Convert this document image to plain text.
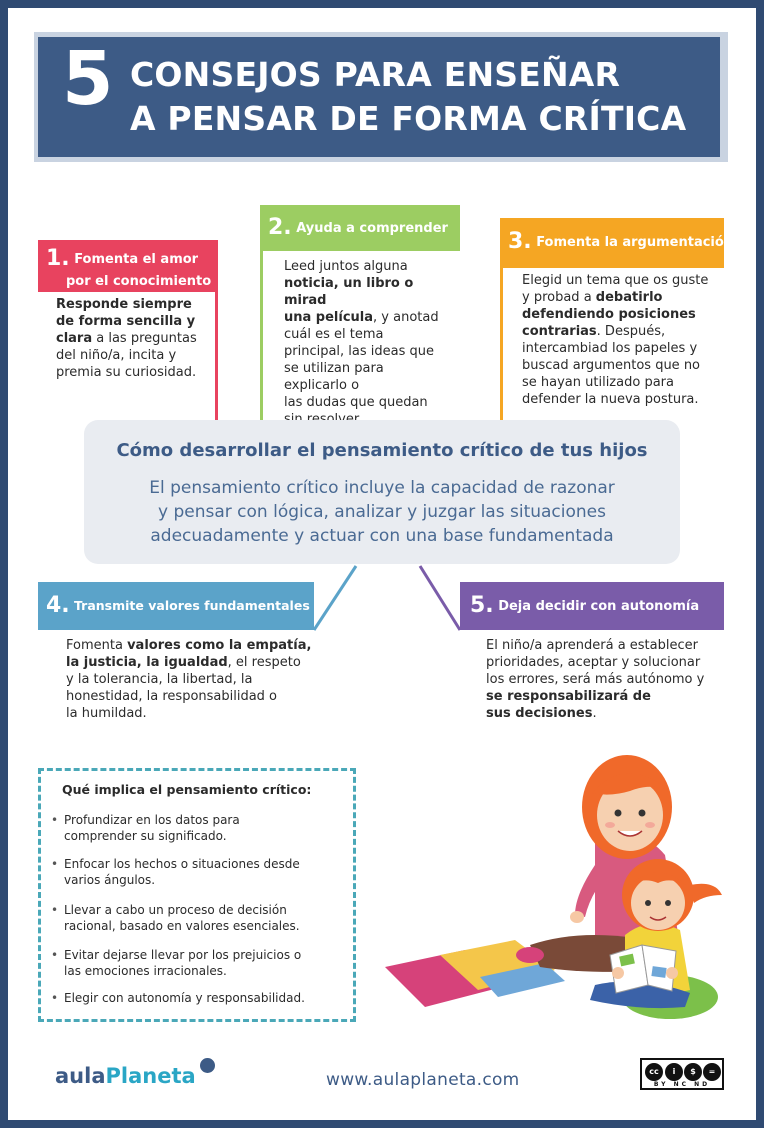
5 CONSEJOS PARA ENSEÑAR
A PENSAR DE FORMA CRÍTICA
1. Fomenta el amor
por el conocimiento
Responde siempre
de forma sencilla y
clara a las preguntas
del niño/a, incita y
premia su curiosidad.
2. Ayuda a comprender
Leed juntos alguna
noticia, un libro o mirad
una película, y anotad
cuál es el tema
principal, las ideas que
se utilizan para
explicarlo o
las dudas que quedan

3. Fomenta la argumentación
Elegid un tema que os guste
y probad a debatirlo
defendiendo posiciones
contrarias. Después,
intercambiad los papeles y
buscad argumentos que no
se hayan utilizado para
defender la nueva postura.
Cómo desarrollar el pensamiento crítico de tus hijos
El pensamiento crítico incluye la capacidad de razonar
y pensar con lógica, analizar y juzgar las situaciones
adecuadamente y actuar con una base fundamentada
4. Transmite valores fundamentales
Fomenta valores como la empatía,
la justicia, la igualdad, el respeto
y la tolerancia, la libertad, la
honestidad, la responsabilidad o
la humildad.
5. Deja decidir con autonomía
El niño/a aprenderá a establecer
prioridades, aceptar y solucionar
los errores, será más autónomo y
se responsabilizará de
sus decisiones.
Qué implica el pensamiento crítico:
• Profundizar en los datos para
comprender su significado.
• Enfocar los hechos o situaciones desde
varios ángulos.
• Llevar a cabo un proceso de decisión
racional, basado en valores esenciales.
• Evitar dejarse llevar por los prejuicios o
las emociones irracionales.
• Elegir con autonomía y responsabilidad.
aulaPlaneta	www.aulaplaneta.com	cc	i	$	=
BY NC ND
